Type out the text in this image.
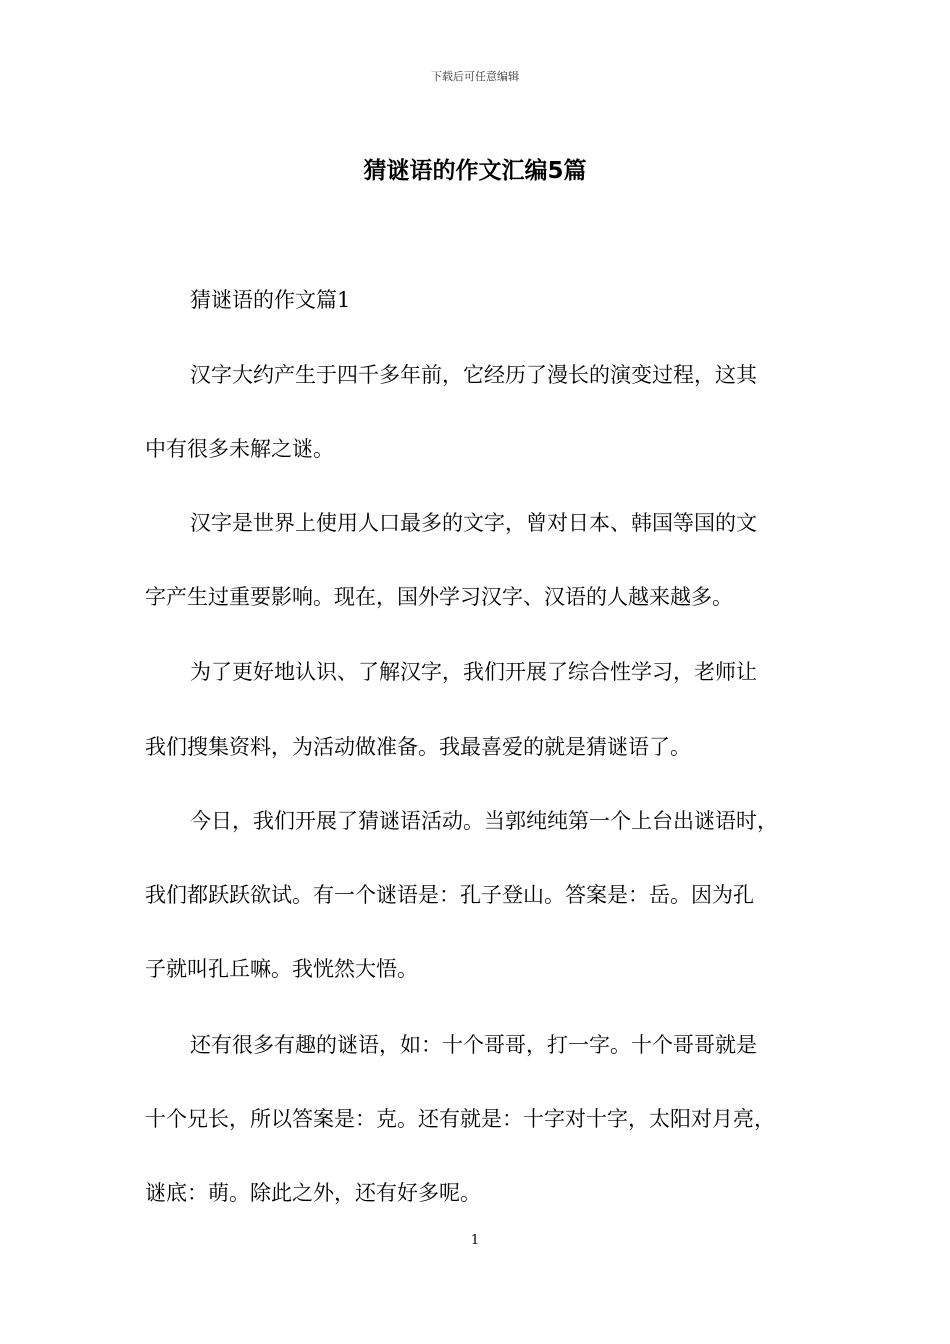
下载后可任意编辑
猜谜语的作文汇编5篇
猜谜语的作文篇1
汉字大约产生于四千多年前，它经历了漫长的演变过程，这其
中有很多未解之谜。
汉字是世界上使用人口最多的文字，曾对日本、韩国等国的文
字产生过重要影响。现在，国外学习汉字、汉语的人越来越多。
为了更好地认识、了解汉字，我们开展了综合性学习，老师让
我们搜集资料，为活动做准备。我最喜爱的就是猜谜语了。
今日，我们开展了猜谜语活动。当郭纯纯第一个上台出谜语时，
我们都跃跃欲试。有一个谜语是：孔子登山。答案是：岳。因为孔
子就叫孔丘嘛。我恍然大悟。
还有很多有趣的谜语，如：十个哥哥，打一字。十个哥哥就是
十个兄长，所以答案是：克。还有就是：十字对十字，太阳对月亮，
谜底：萌。除此之外，还有好多呢。
1
